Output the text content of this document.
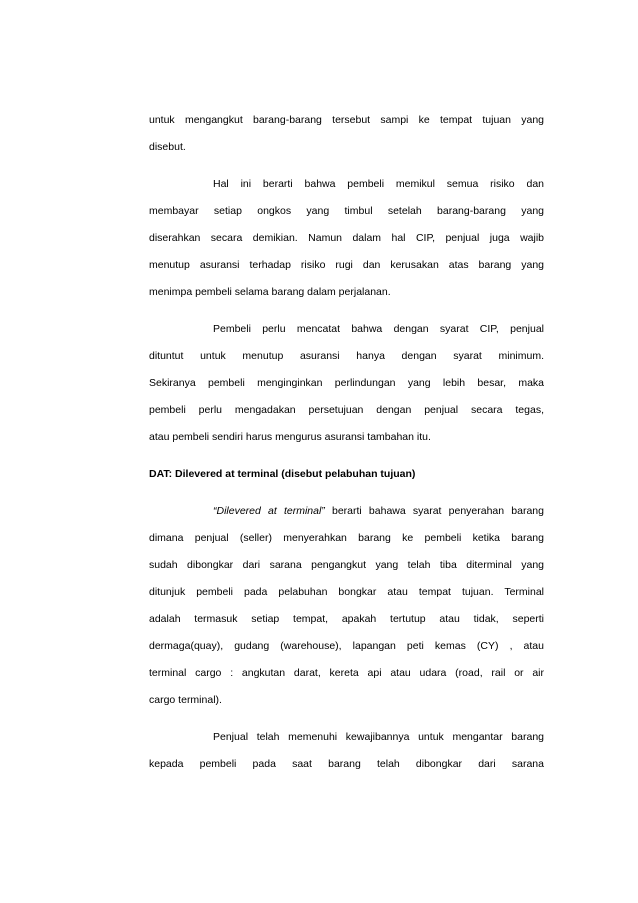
untuk mengangkut barang-barang tersebut sampi ke tempat tujuan yang
disebut.
Hal ini berarti bahwa pembeli memikul semua risiko dan
membayar setiap ongkos yang timbul setelah barang-barang yang
diserahkan secara demikian. Namun dalam hal CIP, penjual juga wajib
menutup asuransi terhadap risiko rugi dan kerusakan atas barang yang
menimpa pembeli selama barang dalam perjalanan.
Pembeli perlu mencatat bahwa dengan syarat CIP, penjual
dituntut untuk menutup asuransi hanya dengan syarat minimum.
Sekiranya pembeli menginginkan perlindungan yang lebih besar, maka
pembeli perlu mengadakan persetujuan dengan penjual secara tegas,
atau pembeli sendiri harus mengurus asuransi tambahan itu.
DAT: Dilevered at terminal (disebut pelabuhan tujuan)
“Dilevered at terminal” berarti bahawa syarat penyerahan barang
dimana penjual (seller) menyerahkan barang ke pembeli ketika barang
sudah dibongkar dari sarana pengangkut yang telah tiba diterminal yang
ditunjuk pembeli pada pelabuhan bongkar atau tempat tujuan. Terminal
adalah termasuk setiap tempat, apakah tertutup atau tidak, seperti
dermaga(quay), gudang (warehouse), lapangan peti kemas (CY) , atau
terminal cargo : angkutan darat, kereta api atau udara (road, rail or air
cargo terminal).
Penjual telah memenuhi kewajibannya untuk mengantar barang
kepada pembeli pada saat barang telah dibongkar dari sarana
